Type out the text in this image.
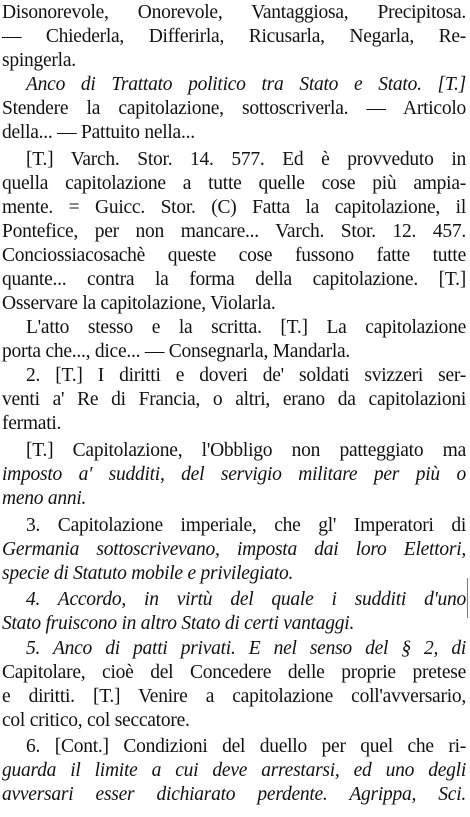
Disonorevole, Onorevole, Vantaggiosa, Precipitosa.
— Chiederla, Differirla, Ricusarla, Negarla, Re-
spingerla.
Anco di Trattato politico tra Stato e Stato. [T.]
Stendere la capitolazione, sottoscriverla. — Articolo
della... — Pattuito nella...
[T.] Varch. Stor. 14. 577. Ed è provveduto in
quella capitolazione a tutte quelle cose più ampia-
mente. = Guicc. Stor. (C) Fatta la capitolazione, il
Pontefice, per non mancare... Varch. Stor. 12. 457.
Conciossiacosachè queste cose fussono fatte tutte
quante... contra la forma della capitolazione. [T.]
Osservare la capitolazione, Violarla.
L'atto stesso e la scritta. [T.] La capitolazione
porta che..., dice... — Consegnarla, Mandarla.
2. [T.] I diritti e doveri de' soldati svizzeri ser-
venti a' Re di Francia, o altri, erano da capitolazioni
fermati.
[T.] Capitolazione, l'Obbligo non patteggiato ma
imposto a' sudditi, del servigio militare per più o
meno anni.
3. Capitolazione imperiale, che gl' Imperatori di
Germania sottoscrivevano, imposta dai loro Elettori,
specie di Statuto mobile e privilegiato.
4. Accordo, in virtù del quale i sudditi d'uno
Stato fruiscono in altro Stato di certi vantaggi.
5. Anco di patti privati. E nel senso del § 2, di
Capitolare, cioè del Concedere delle proprie pretese
e diritti. [T.] Venire a capitolazione coll'avversario,
col critico, col seccatore.
6. [Cont.] Condizioni del duello per quel che ri-
guarda il limite a cui deve arrestarsi, ed uno degli
avversari esser dichiarato perdente. Agrippa, Sci.
